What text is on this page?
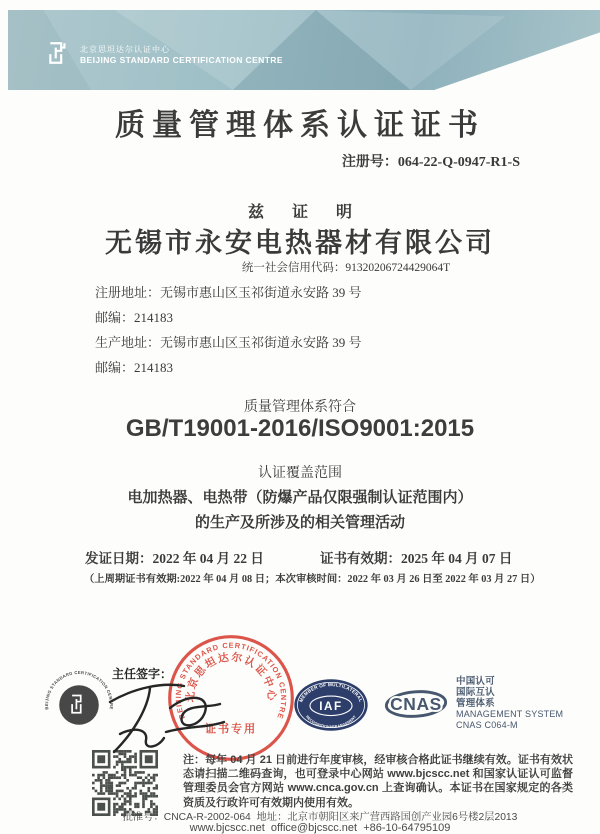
北京思坦达尔认证中心
BEIJING STANDARD CERTIFICATION CENTRE
质量管理体系认证证书
注册号：064-22-Q-0947-R1-S
兹 证 明
无锡市永安电热器材有限公司
统一社会信用代码：91320206724429064T
注册地址：无锡市惠山区玉祁街道永安路 39 号
邮编：214183
生产地址：无锡市惠山区玉祁街道永安路 39 号
邮编：214183
质量管理体系符合
GB/T19001-2016/ISO9001:2015
认证覆盖范围
电加热器、电热带（防爆产品仅限强制认证范围内）
的生产及所涉及的相关管理活动
发证日期：2022 年 04 月 22 日	证书有效期：2025 年 04 月 07 日
（上周期证书有效期:2022 年 04 月 08 日；本次审核时间：2022 年 03 月 26 日至 2022 年 03 月 27 日）
BEIJING STANDARD CERTIFICATION CENTRE
主任签字：
BEIJING STANDARD CERTIFICATION CENTRE
北京思坦达尔认证中心
证书专用
MEMBER OF MULTILATERAL
IAF
RECOGNITIONARRANGEMENT
CNAS
中国认可
国际互认
管理体系
MANAGEMENT SYSTEM
CNAS C064-M
注：每年 04 月 21 日前进行年度审核，经审核合格此证书继续有效。证书有效状态请扫描二维码查询，也可登录中心网站 www.bjcscc.net 和国家认证认可监督管理委员会官方网站 www.cnca.gov.cn 上查询确认。本证书在国家规定的各类资质及行政许可有效期内使用有效。
批准号：CNCA-R-2002-064  地址：北京市朝阳区来广营西路国创产业园6号楼2层2013
www.bjcscc.net  office@bjcscc.net  +86-10-64795109
